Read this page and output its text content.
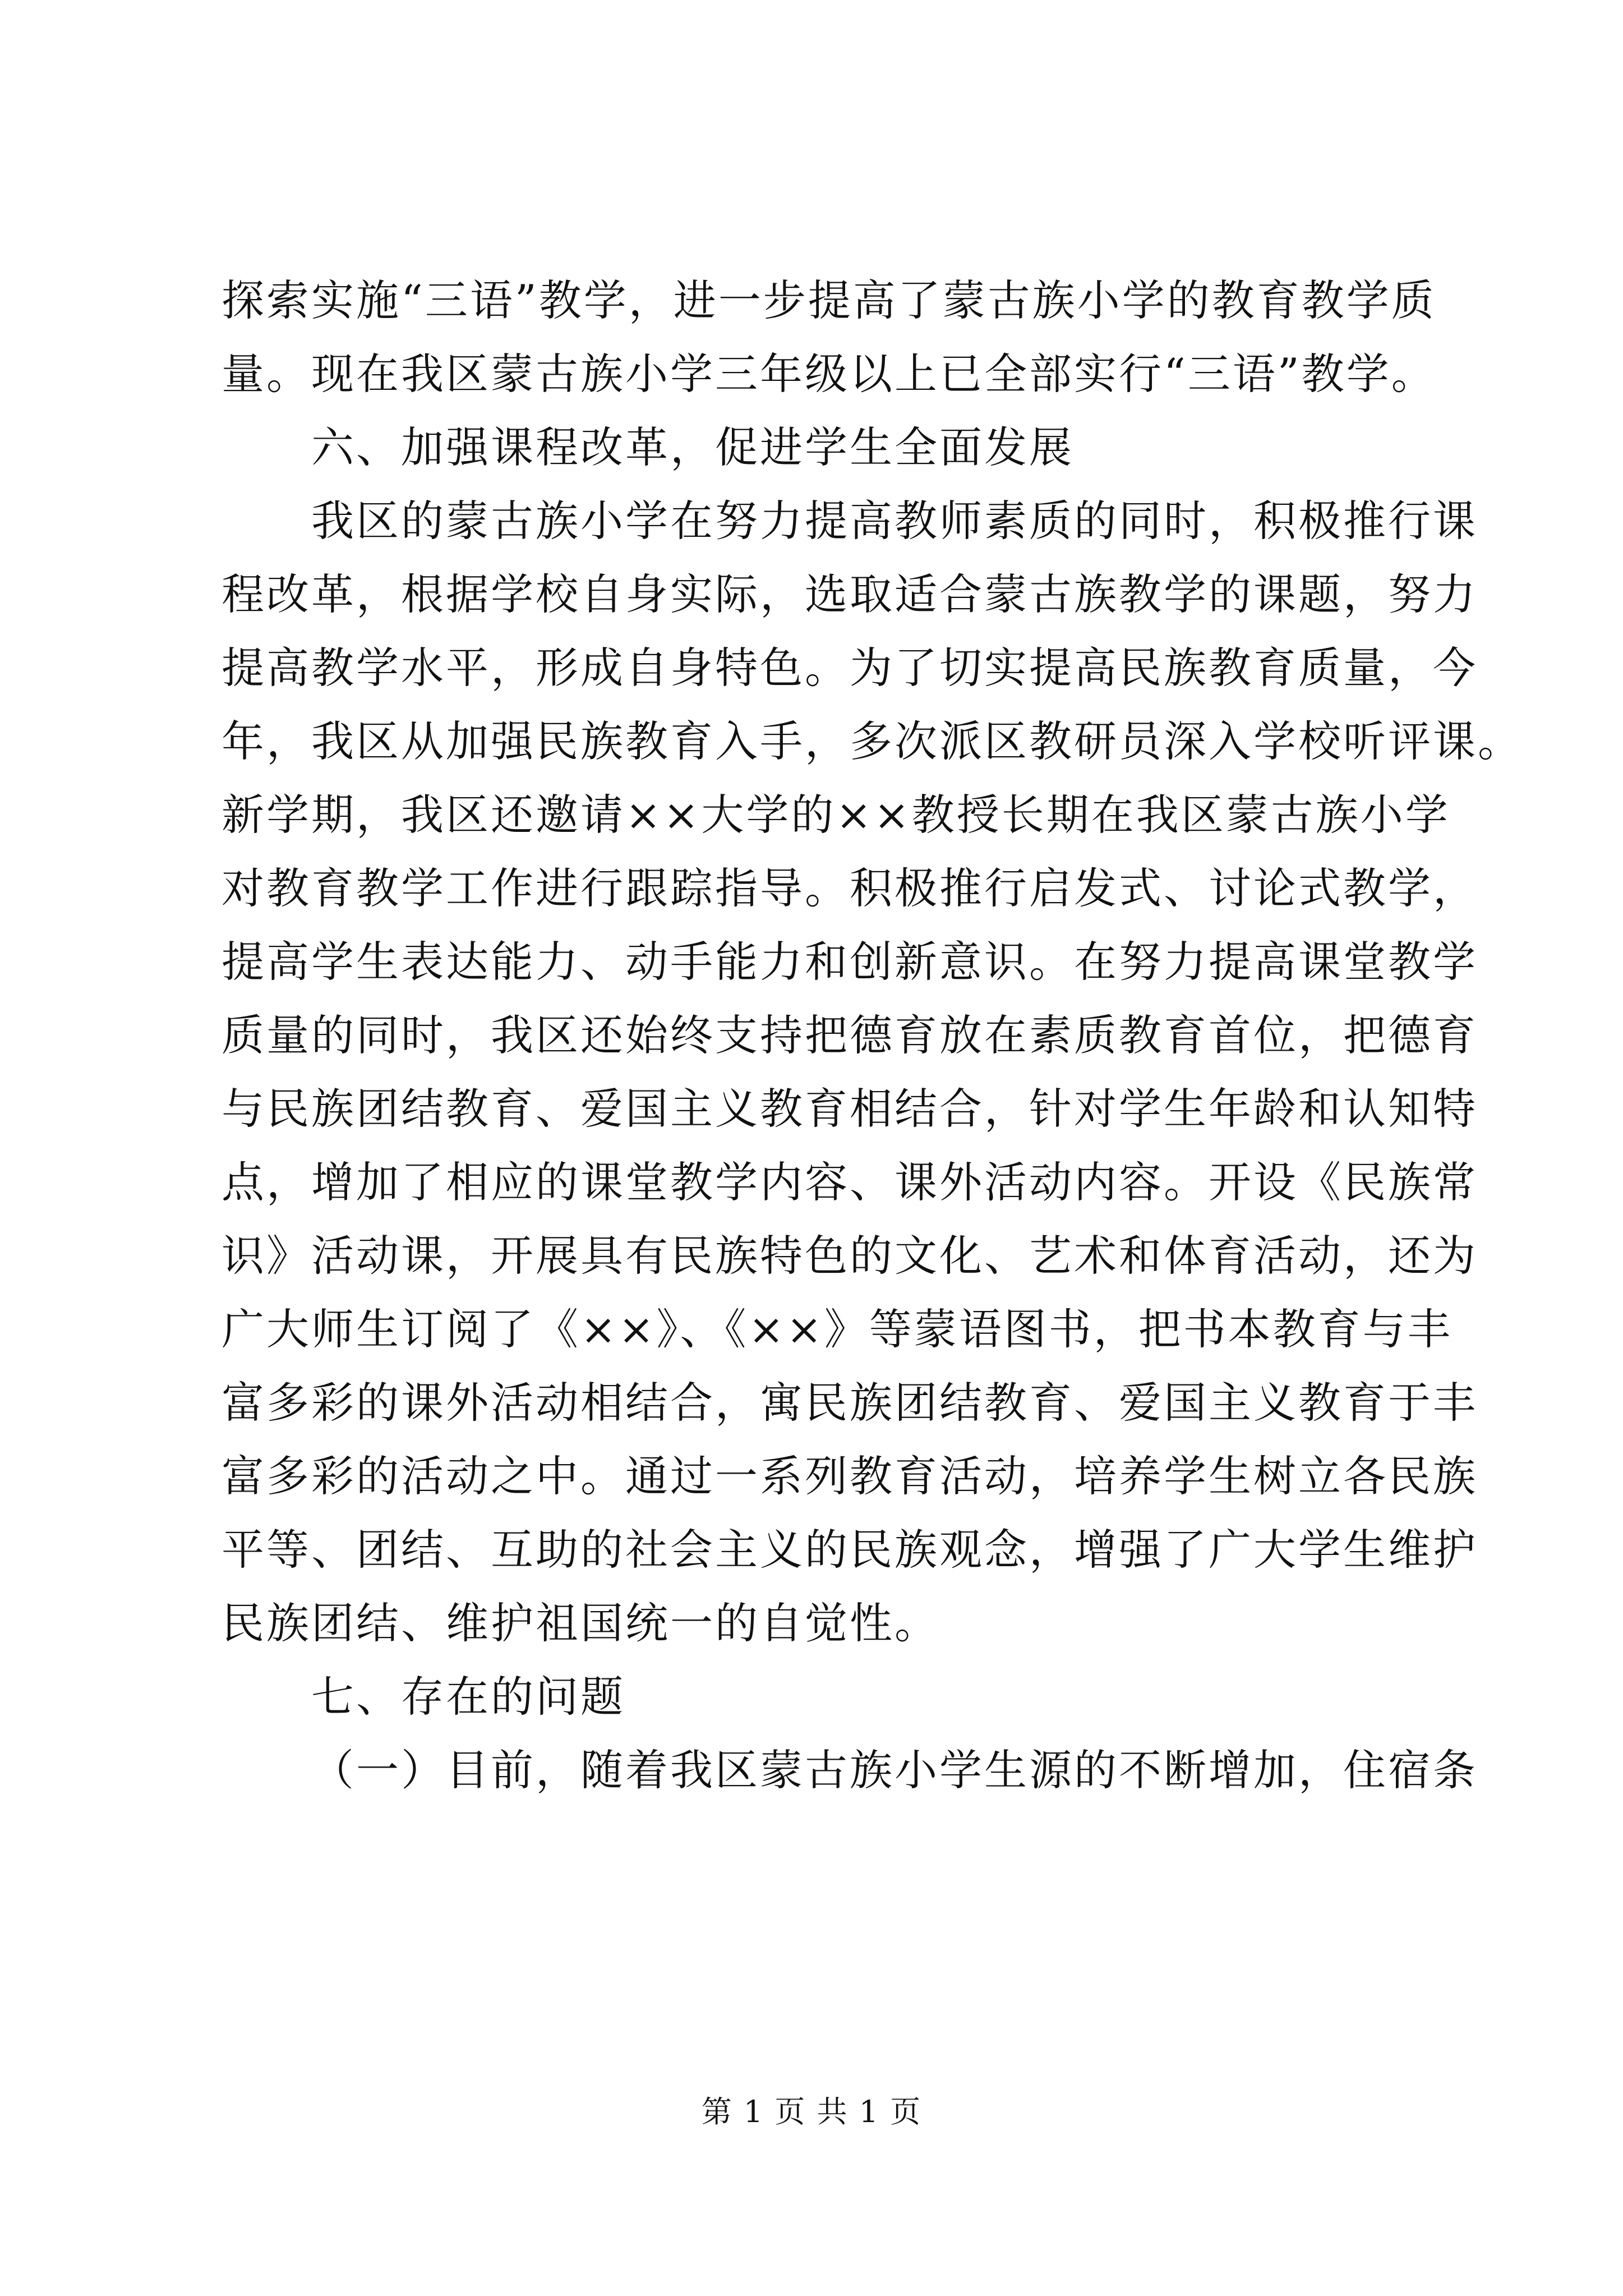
探索实施“三语”教学，进一步提高了蒙古族小学的教育教学质
量。现在我区蒙古族小学三年级以上已全部实行“三语”教学。
六、加强课程改革，促进学生全面发展
我区的蒙古族小学在努力提高教师素质的同时，积极推行课
程改革，根据学校自身实际，选取适合蒙古族教学的课题，努力
提高教学水平，形成自身特色。为了切实提高民族教育质量，今
年，我区从加强民族教育入手，多次派区教研员深入学校听评课。
新学期，我区还邀请××大学的××教授长期在我区蒙古族小学
对教育教学工作进行跟踪指导。积极推行启发式、讨论式教学，
提高学生表达能力、动手能力和创新意识。在努力提高课堂教学
质量的同时，我区还始终支持把德育放在素质教育首位，把德育
与民族团结教育、爱国主义教育相结合，针对学生年龄和认知特
点，增加了相应的课堂教学内容、课外活动内容。开设《民族常
识》活动课，开展具有民族特色的文化、艺术和体育活动，还为
广大师生订阅了《××》、《××》等蒙语图书，把书本教育与丰
富多彩的课外活动相结合，寓民族团结教育、爱国主义教育于丰
富多彩的活动之中。通过一系列教育活动，培养学生树立各民族
平等、团结、互助的社会主义的民族观念，增强了广大学生维护
民族团结、维护祖国统一的自觉性。
七、存在的问题
（一）目前，随着我区蒙古族小学生源的不断增加，住宿条
第 1 页 共 1 页
